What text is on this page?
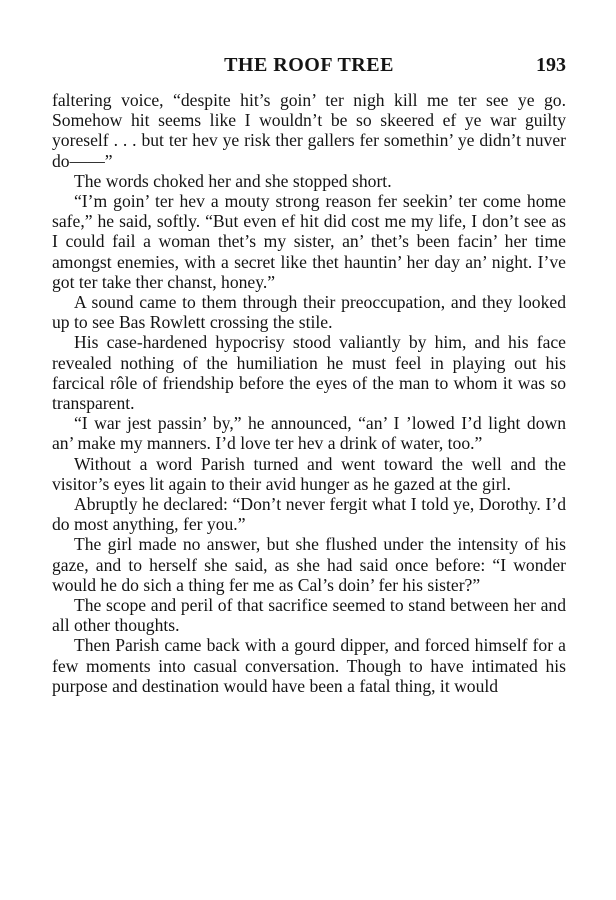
THE ROOF TREE	193

faltering voice, “despite hit’s goin’ ter nigh kill me ter see ye go. Somehow hit seems like I wouldn’t be so skeered ef ye war guilty yoreself . . . but ter hev ye risk ther gallers fer somethin’ ye didn’t nuver do——”

The words choked her and she stopped short.

“I’m goin’ ter hev a mouty strong reason fer seekin’ ter come home safe,” he said, softly. “But even ef hit did cost me my life, I don’t see as I could fail a woman thet’s my sister, an’ thet’s been facin’ her time amongst enemies, with a secret like thet hauntin’ her day an’ night. I’ve got ter take ther chanst, honey.”

A sound came to them through their preoccupation, and they looked up to see Bas Rowlett crossing the stile.

His case-hardened hypocrisy stood valiantly by him, and his face revealed nothing of the humiliation he must feel in playing out his farcical rôle of friendship before the eyes of the man to whom it was so transparent.

“I war jest passin’ by,” he announced, “an’ I ’lowed I’d light down an’ make my manners. I’d love ter hev a drink of water, too.”

Without a word Parish turned and went toward the well and the visitor’s eyes lit again to their avid hunger as he gazed at the girl.

Abruptly he declared: “Don’t never fergit what I told ye, Dorothy. I’d do most anything, fer you.”

The girl made no answer, but she flushed under the intensity of his gaze, and to herself she said, as she had said once before: “I wonder would he do sich a thing fer me as Cal’s doin’ fer his sister?”

The scope and peril of that sacrifice seemed to stand between her and all other thoughts.

Then Parish came back with a gourd dipper, and forced himself for a few moments into casual conversation. Though to have intimated his purpose and destination would have been a fatal thing, it would
